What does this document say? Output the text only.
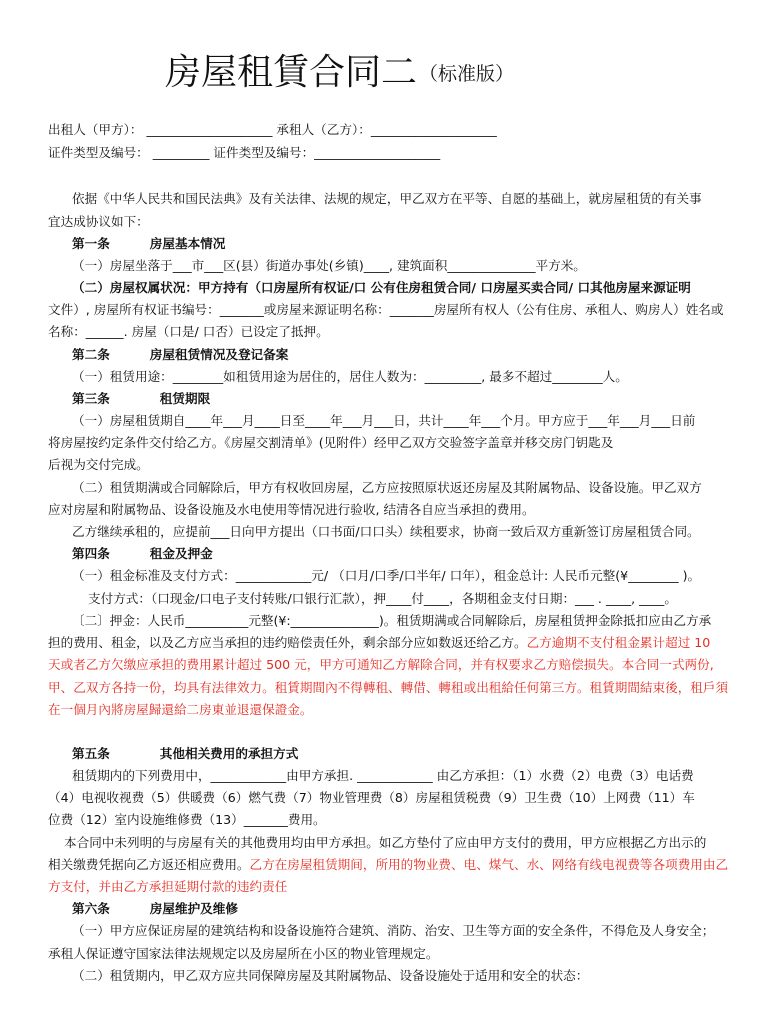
房屋租賃合同二 $^{(标准版)}$
出租人（甲方）： ____________________ 承租人（乙方）：____________________
证件类型及编号： _________ 证件类型及编号：____________________
依据《中华人民共和国民法典》及有关法律、法规的规定，甲乙双方在平等、自愿的基础上，就房屋租赁的有关事
宜达成协议如下：
第一条	房屋基本情况
（一）房屋坐落于___市___区(县）街道办事处(乡镇)____, 建筑面积______________平方米。
（二）房屋权属状况：甲方持有（口房屋所有权证/口 公有住房租赁合同/ 口房屋买卖合同/ 口其他房屋来源证明
文件）, 房屋所有权证书编号：_______或房屋来源证明名称：_______房屋所有权人（公有住房、承租人、购房人）姓名或
名称：______. 房屋（口是/ 口否）已设定了抵押。
第二条	房屋租赁情况及登记备案
（一）租赁用途：________如租赁用途为居住的，居住人数为：_________, 最多不超过________人。
第三条	租赁期限
（一）房屋租赁期自____年___月____日至____年___月___日，共计____年___个月。甲方应于___年___月___日前
将房屋按约定条件交付给乙方。《房屋交割清单》(见附件）经甲乙双方交验签字盖章并移交房门钥匙及
后视为交付完成。
（二）租赁期满或合同解除后，甲方有权收回房屋，乙方应按照原状返还房屋及其附属物品、设备设施。甲乙双方
应对房屋和附属物品、设备设施及水电使用等情况进行验收, 结清各自应当承担的费用。
乙方继续承租的，应提前___日向甲方提出（口书面/口口头）续租要求，协商一致后双方重新签订房屋租赁合同。
第四条	租金及押金
（一）租金标准及支付方式：____________元/ （口月/口季/口半年/ 口年），租金总计: 人民币元整(¥________ )。
支付方式：（口现金/口电子支付转账/口银行汇款），押____付____，各期租金支付日期：___ . ____, ____。
〔二〕押金：人民币__________元整(¥:______________)。租赁期满或合同解除后，房屋租赁押金除抵扣应由乙方承
担的费用、租金，以及乙方应当承担的违约赔偿责任外，剩余部分应如数返还给乙方。乙方逾期不支付租金累计超过 10
天或者乙方欠缴应承担的费用累计超过 500 元，甲方可通知乙方解除合同，并有权要求乙方赔偿损失。本合同一式两份,
甲、乙双方各持一份，均具有法律效力。租賃期間內不得轉租、轉借、轉租或出租給任何第三方。租賃期間結束後，租戶須
在一個月內將房屋歸還給二房東並退還保證金。
第五条	其他相关费用的承担方式
租赁期内的下列费用中，____________由甲方承担. ____________ 由乙方承担：（1）水费（2）电费（3）电话费
（4）电视收视费（5）供暖费（6）燃气费（7）物业管理费（8）房屋租赁税费（9）卫生费（10）上网费（11）车
位费（12）室内设施维修费（13）_______费用。
本合同中未列明的与房屋有关的其他费用均由甲方承担。如乙方垫付了应由甲方支付的费用，甲方应根据乙方出示的
相关缴费凭据向乙方返还相应费用。乙方在房屋租赁期间，所用的物业费、电、煤气、水、网络有线电视费等各项费用由乙
方支付，并由乙方承担延期付款的违约责任
第六条	房屋维护及维修
（一）甲方应保证房屋的建筑结构和设备设施符合建筑、消防、治安、卫生等方面的安全条件，不得危及人身安全；
承租人保证遵守国家法律法规规定以及房屋所在小区的物业管理规定。
（二）租赁期内，甲乙双方应共同保障房屋及其附属物品、设备设施处于适用和安全的状态：
